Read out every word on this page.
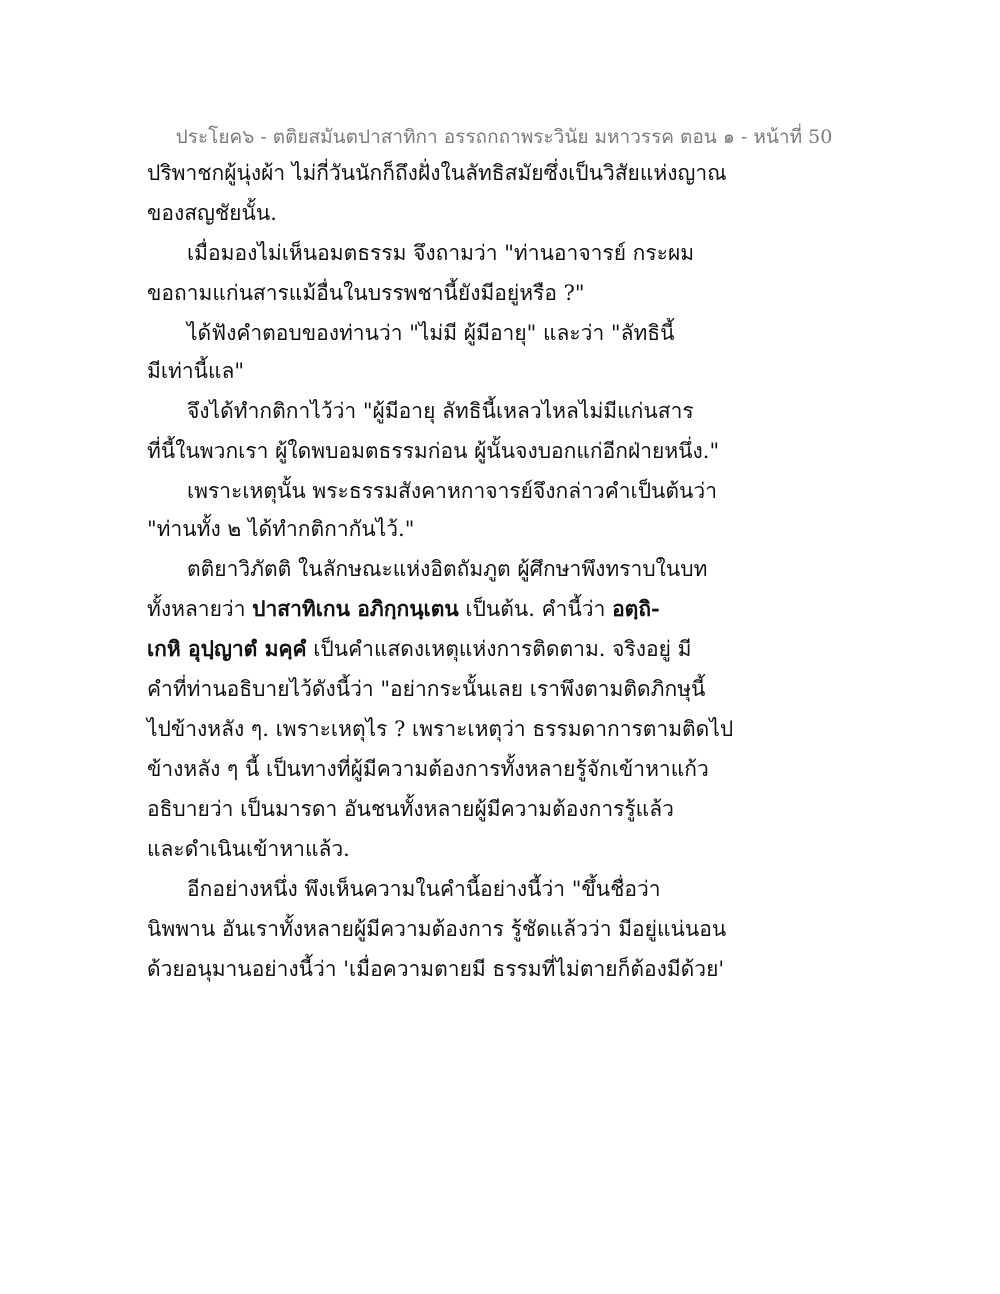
ประโยค๖ - ตติยสมันตปาสาทิกา อรรถกถาพระวินัย มหาวรรค ตอน ๑ - หน้าที่ 50
ปริพาชกผู้นุ่งผ้า ไม่กี่วันนักก็ถึงฝั่งในลัทธิสมัยซึ่งเป็นวิสัยแห่งญาณ
ของสญชัยนั้น.
เมื่อมองไม่เห็นอมตธรรม จึงถามว่า "ท่านอาจารย์ กระผม
ขอถามแก่นสารแม้อื่นในบรรพชานี้ยังมีอยู่หรือ ?"
ได้ฟังคำตอบของท่านว่า "ไม่มี ผู้มีอายุ" และว่า "ลัทธินี้
มีเท่านี้แล"
จึงได้ทำกติกาไว้ว่า "ผู้มีอายุ ลัทธินี้เหลวไหลไม่มีแก่นสาร
ที่นี้ในพวกเรา ผู้ใดพบอมตธรรมก่อน ผู้นั้นจงบอกแก่อีกฝ่ายหนึ่ง."
เพราะเหตุนั้น พระธรรมสังคาหกาจารย์จึงกล่าวคำเป็นต้นว่า
"ท่านทั้ง ๒ ได้ทำกติกากันไว้."
ตติยาวิภัตติ ในลักษณะแห่งอิตถัมภูต ผู้ศึกษาพึงทราบในบท
ทั้งหลายว่า ปาสาทิเกน อภิกฺกนฺเตน เป็นต้น. คำนี้ว่า อตฺถิ-
เกหิ อุปฺญาตํ มคฺคํ เป็นคำแสดงเหตุแห่งการติดตาม. จริงอยู่ มี
คำที่ท่านอธิบายไว้ดังนี้ว่า "อย่ากระนั้นเลย เราพึงตามติดภิกษุนี้
ไปข้างหลัง ๆ. เพราะเหตุไร ? เพราะเหตุว่า ธรรมดาการตามติดไป
ข้างหลัง ๆ นี้ เป็นทางที่ผู้มีความต้องการทั้งหลายรู้จักเข้าหาแก้ว
อธิบายว่า เป็นมารดา อันชนทั้งหลายผู้มีความต้องการรู้แล้ว
และดำเนินเข้าหาแล้ว.
อีกอย่างหนึ่ง พึงเห็นความในคำนี้อย่างนี้ว่า "ขึ้นชื่อว่า
นิพพาน อันเราทั้งหลายผู้มีความต้องการ รู้ชัดแล้วว่า มีอยู่แน่นอน
ด้วยอนุมานอย่างนี้ว่า 'เมื่อความตายมี ธรรมที่ไม่ตายก็ต้องมีด้วย'
